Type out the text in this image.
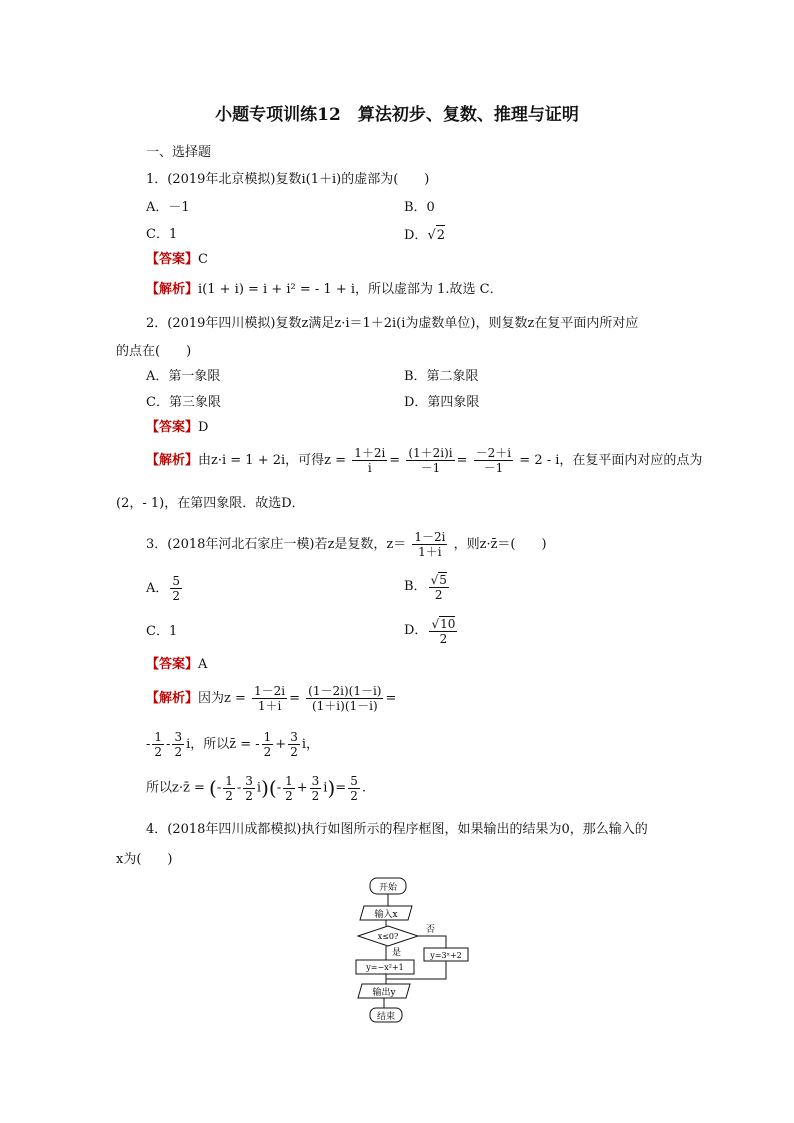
小题专项训练12　算法初步、复数、推理与证明
一、选择题
1．(2019年北京模拟)复数i(1＋i)的虚部为(　　)
A．－1	B．0
C．1	D．√2
【答案】C
【解析】i(1 + i) = i + i² = - 1 + i，所以虚部为 1.故选 C．
2．(2019年四川模拟)复数z满足z·i＝1＋2i(i为虚数单位)，则复数z在复平面内所对应
的点在(　　)
A．第一象限	B．第二象限
C．第三象限	D．第四象限
【答案】D
【解析】由z·i = 1 + 2i，可得$z = \frac{1+2i}{i} = \frac{(1+2i)i}{-1} = \frac{-2+i}{-1} = 2 - i$，在复平面内对应的点为
(2，- 1)，在第四象限．故选D．
3．(2018年河北石家庄一模)若z是复数，$z= \frac{1-2i}{1+i}$ ，则z·z̄＝(　　)
A． $\frac{5}{2}$	B． $\frac{√5}{2}$
C．1	D． $\frac{√10}{2}$
【答案】A
【解析】因为$z = \frac{1-2i}{1+i} = \frac{(1-2i)(1-i)}{(1+i)(1-i)}$ =
- $\frac{1}{2} - \frac{3}{2}$ i，所以z̄ = - $\frac{1}{2} + \frac{3}{2}$ i，
所以z·z̄ = (- $\frac{1}{2} - \frac{3}{2} i)(- \frac{1}{2} + \frac{3}{2} i)= \frac{5}{2}$ .
4．(2018年四川成都模拟)执行如图所示的程序框图，如果输出的结果为0，那么输入的
x为(　　)
开始
输入x
x≤0?
否
是	y=3ˣ+2
y=−x²+1
输出y
结束
